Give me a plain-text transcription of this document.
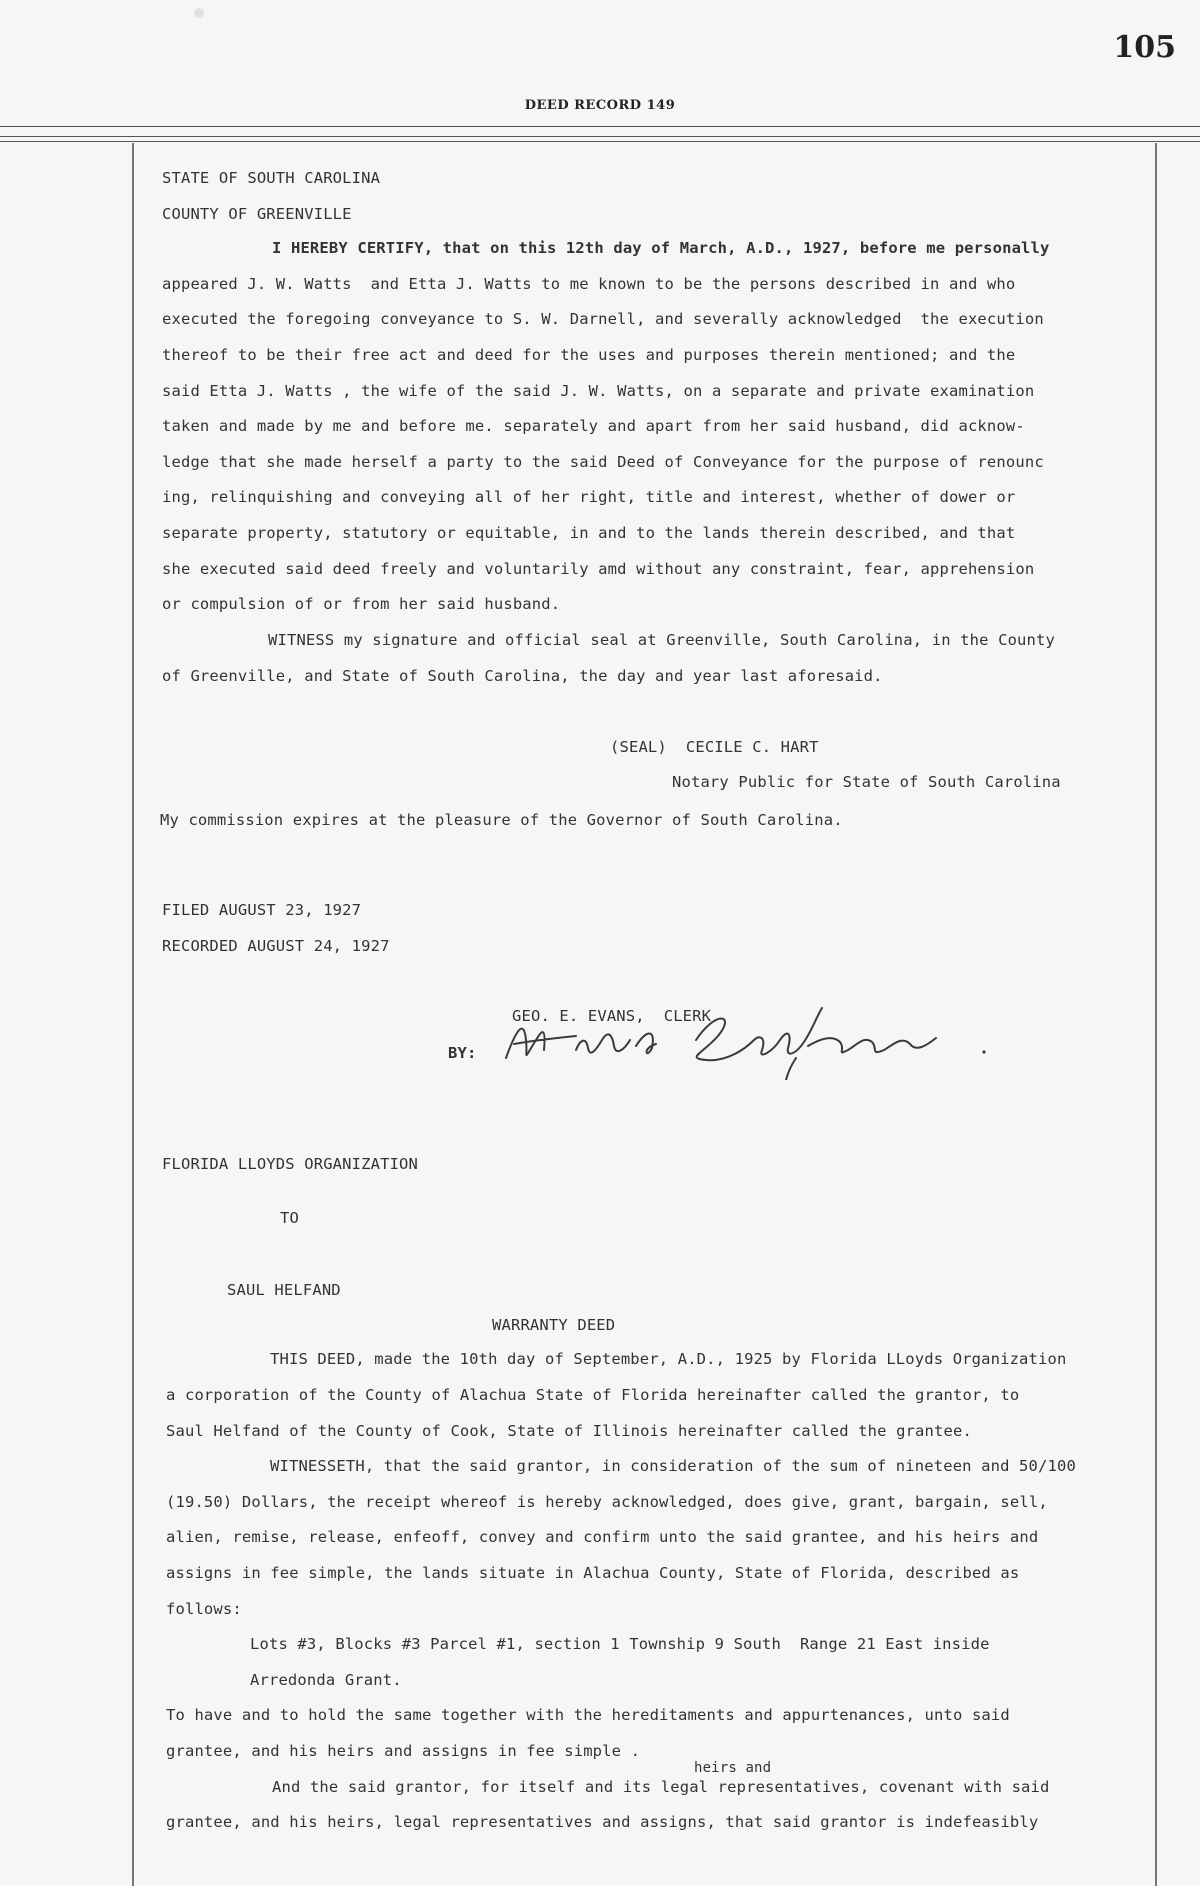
105
DEED RECORD 149
STATE OF SOUTH CAROLINA
COUNTY OF GREENVILLE
I HEREBY CERTIFY, that on this 12th day of March, A.D., 1927, before me personally
appeared J. W. Watts  and Etta J. Watts to me known to be the persons described in and who
executed the foregoing conveyance to S. W. Darnell, and severally acknowledged  the execution
thereof to be their free act and deed for the uses and purposes therein mentioned; and the
said Etta J. Watts , the wife of the said J. W. Watts, on a separate and private examination
taken and made by me and before me. separately and apart from her said husband, did acknow-
ledge that she made herself a party to the said Deed of Conveyance for the purpose of renounc
ing, relinquishing and conveying all of her right, title and interest, whether of dower or
separate property, statutory or equitable, in and to the lands therein described, and that
she executed said deed freely and voluntarily amd without any constraint, fear, apprehension
or compulsion of or from her said husband.
WITNESS my signature and official seal at Greenville, South Carolina, in the County
of Greenville, and State of South Carolina, the day and year last aforesaid.
(SEAL)  CECILE C. HART
Notary Public for State of South Carolina
My commission expires at the pleasure of the Governor of South Carolina.
FILED AUGUST 23, 1927
RECORDED AUGUST 24, 1927
GEO. E. EVANS,  CLERK
BY:
FLORIDA LLOYDS ORGANIZATION
TO
SAUL HELFAND
WARRANTY DEED
THIS DEED, made the 10th day of September, A.D., 1925 by Florida LLoyds Organization
a corporation of the County of Alachua State of Florida hereinafter called the grantor, to
Saul Helfand of the County of Cook, State of Illinois hereinafter called the grantee.
WITNESSETH, that the said grantor, in consideration of the sum of nineteen and 50/100
(19.50) Dollars, the receipt whereof is hereby acknowledged, does give, grant, bargain, sell,
alien, remise, release, enfeoff, convey and confirm unto the said grantee, and his heirs and
assigns in fee simple, the lands situate in Alachua County, State of Florida, described as
follows:
Lots #3, Blocks #3 Parcel #1, section 1 Township 9 South  Range 21 East inside
Arredonda Grant.
To have and to hold the same together with the hereditaments and appurtenances, unto said
grantee, and his heirs and assigns in fee simple .
heirs and
And the said grantor, for itself and its legal representatives, covenant with said
grantee, and his heirs, legal representatives and assigns, that said grantor is indefeasibly
